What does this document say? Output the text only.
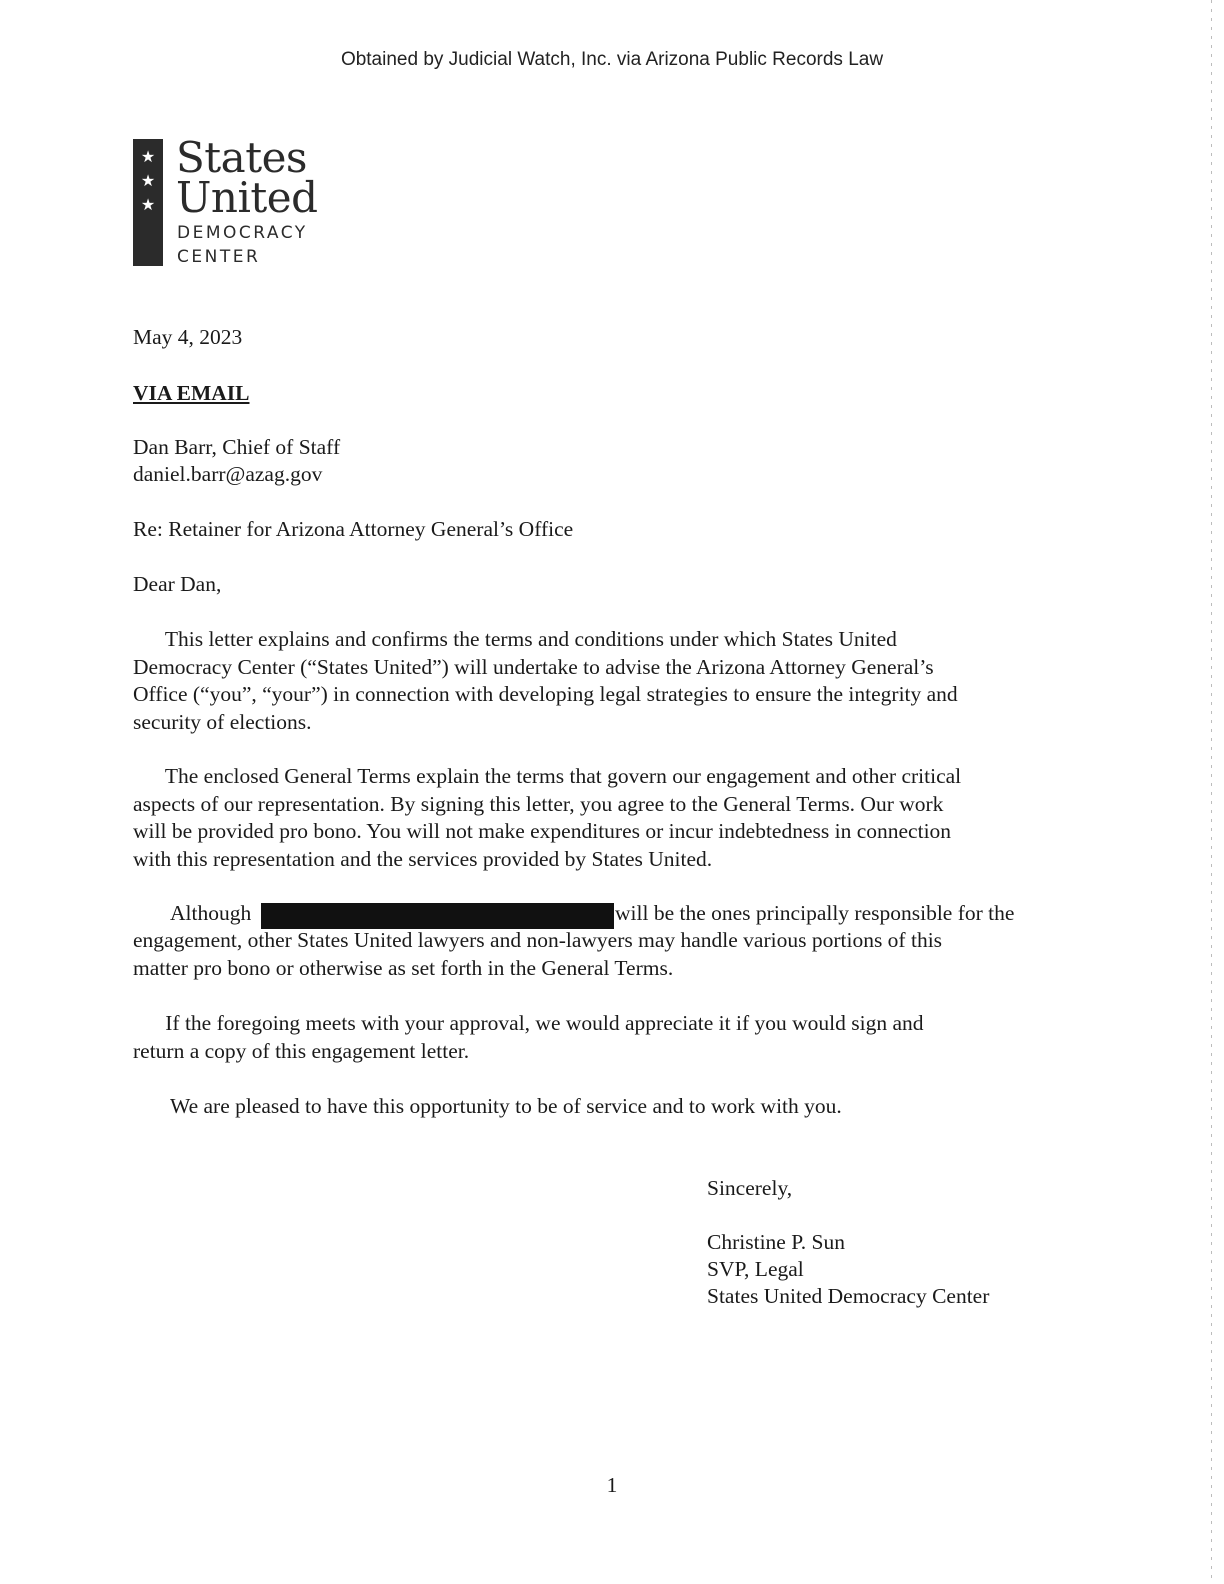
Obtained by Judicial Watch, Inc. via Arizona Public Records Law
★
★
★
States
United
DEMOCRACY
CENTER
May 4, 2023
VIA EMAIL
Dan Barr, Chief of Staff
daniel.barr@azag.gov
Re: Retainer for Arizona Attorney General’s Office
Dear Dan,
This letter explains and confirms the terms and conditions under which States United
Democracy Center (“States United”) will undertake to advise the Arizona Attorney General’s
Office (“you”, “your”) in connection with developing legal strategies to ensure the integrity and
security of elections.
The enclosed General Terms explain the terms that govern our engagement and other critical
aspects of our representation. By signing this letter, you agree to the General Terms. Our work
will be provided pro bono. You will not make expenditures or incur indebtedness in connection
with this representation and the services provided by States United.
Although	will be the ones principally responsible for the
engagement, other States United lawyers and non-lawyers may handle various portions of this
matter pro bono or otherwise as set forth in the General Terms.
If the foregoing meets with your approval, we would appreciate it if you would sign and
return a copy of this engagement letter.
We are pleased to have this opportunity to be of service and to work with you.
Sincerely,
Christine P. Sun
SVP, Legal
States United Democracy Center
1
